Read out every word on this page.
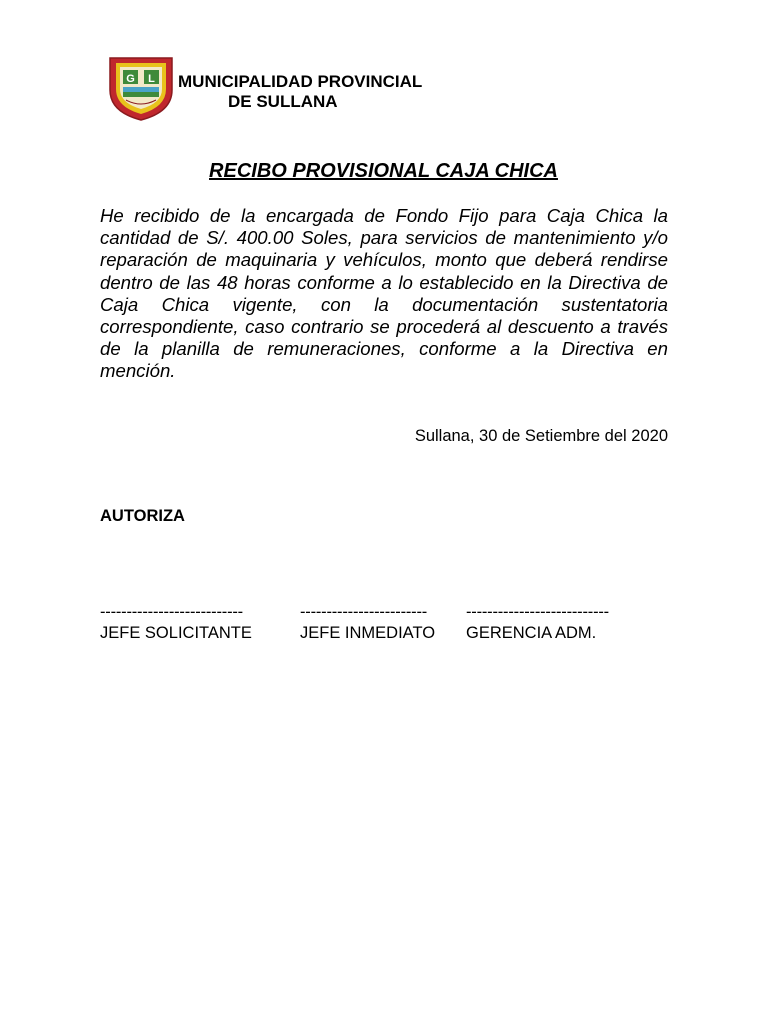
G L MUNICIPALIDAD PROVINCIAL
DE SULLANA
RECIBO PROVISIONAL CAJA CHICA
He recibido de la encargada de Fondo Fijo para Caja Chica la cantidad de S/. 400.00 Soles, para servicios de mantenimiento y/o reparación de maquinaria y vehículos, monto que deberá rendirse dentro de las 48 horas conforme a lo establecido en la Directiva de Caja Chica vigente, con la documentación sustentatoria correspondiente, caso contrario se procederá al descuento a través de la planilla de remuneraciones, conforme a la Directiva en mención.
Sullana, 30 de Setiembre del 2020
AUTORIZA
---------------------------
JEFE SOLICITANTE
------------------------
JEFE INMEDIATO
---------------------------
GERENCIA ADM.
